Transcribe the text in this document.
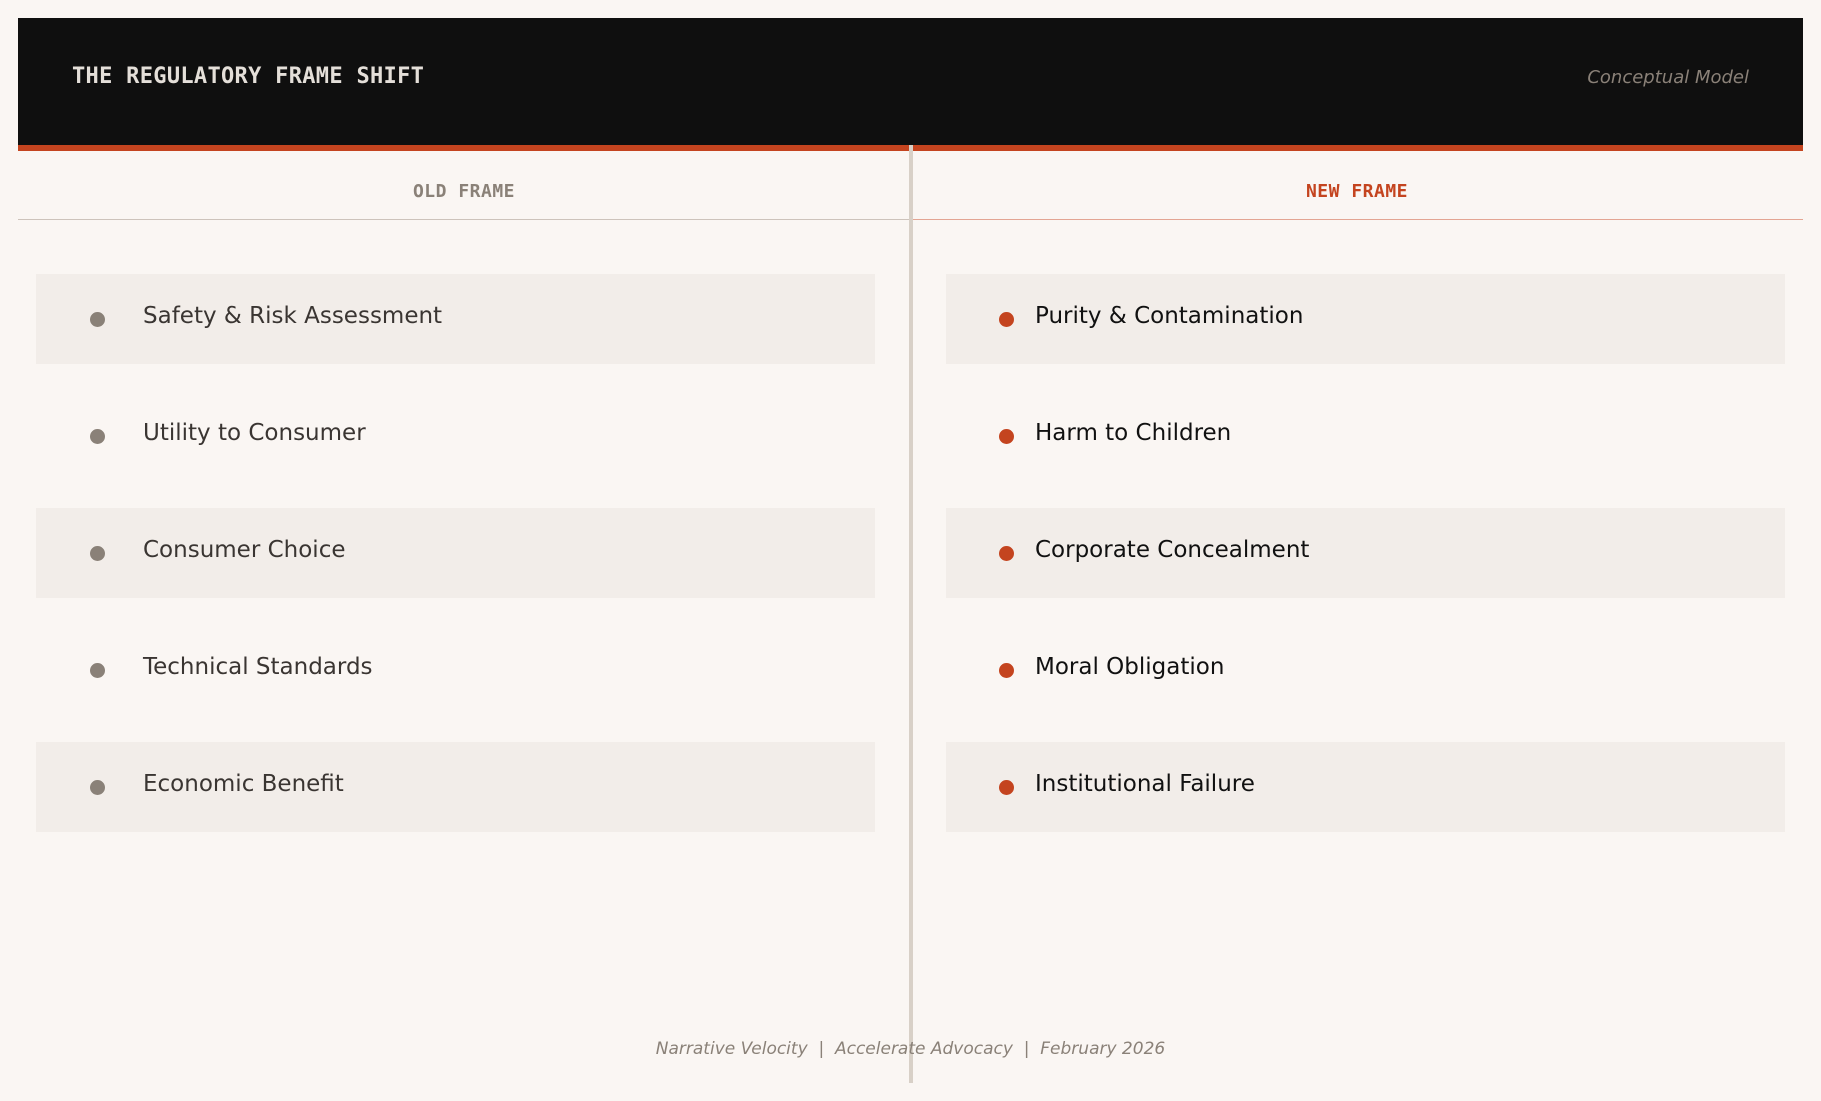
THE REGULATORY FRAME SHIFT	Conceptual Model
OLD FRAME	NEW FRAME
Safety & Risk Assessment
Utility to Consumer
Consumer Choice
Technical Standards
Economic Benefit
Purity & Contamination
Harm to Children
Corporate Concealment
Moral Obligation
Institutional Failure
Narrative Velocity  |  Accelerate Advocacy  |  February 2026
